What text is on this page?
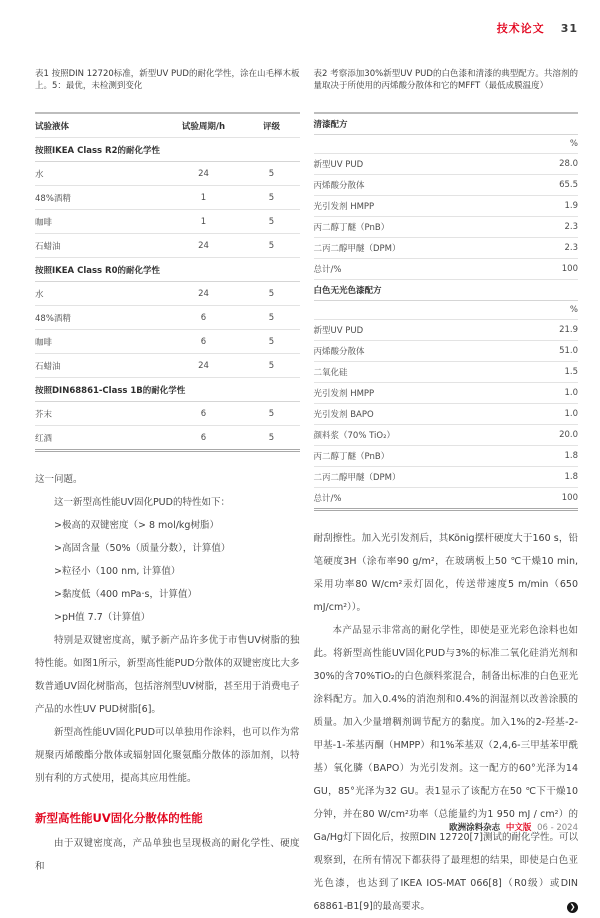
技术论文 31
表1 按照DIN 12720标准，新型UV PUD的耐化学性，涂在山毛榉木板上。5：最优，未检测到变化
试验液体	试验周期/h	评级
按照IKEA Class R2的耐化学性		
水	24	5
48%酒精	1	5
咖啡	1	5
石蜡油	24	5
按照IKEA Class R0的耐化学性		
水	24	5
48%酒精	6	5
咖啡	6	5
石蜡油	24	5
按照DIN68861-Class 1B的耐化学性		
芥末	6	5
红酒	6	5

这一问题。

这一新型高性能UV固化PUD的特性如下：

>极高的双键密度（> 8 mol/kg树脂）
>高固含量（50%（质量分数），计算值）
>粒径小（100 nm, 计算值）
>黏度低（400 mPa·s，计算值）
>pH值 7.7（计算值）

特别是双键密度高，赋予新产品许多优于市售UV树脂的独特性能。如图1所示，新型高性能PUD分散体的双键密度比大多数普通UV固化树脂高，包括溶剂型UV树脂，甚至用于消费电子产品的水性UV PUD树脂[6]。

新型高性能UV固化PUD可以单独用作涂料，也可以作为常规聚丙烯酸酯分散体或辐射固化聚氨酯分散体的添加剂，以特别有利的方式使用，提高其应用性能。

新型高性能UV固化分散体的性能

由于双键密度高，产品单独也呈现极高的耐化学性、硬度和

表2 考察添加30%新型UV PUD的白色漆和清漆的典型配方。共溶剂的量取决于所使用的丙烯酸分散体和它的MFFT（最低成膜温度）
清漆配方	
	%
新型UV PUD	28.0
丙烯酸分散体	65.5
光引发剂 HMPP	1.9
丙二醇丁醚（PnB）	2.3
二丙二醇甲醚（DPM）	2.3
总计/%	100
白色无光色漆配方	
	%
新型UV PUD	21.9
丙烯酸分散体	51.0
二氧化硅	1.5
光引发剂 HMPP	1.0
光引发剂 BAPO	1.0
颜料浆（70% TiO₂）	20.0
丙二醇丁醚（PnB）	1.8
二丙二醇甲醚（DPM）	1.8
总计/%	100

耐刮擦性。加入光引发剂后，其König摆杆硬度大于160 s，铅笔硬度3H（涂布率90 g/m²，在玻璃板上50 ℃干燥10 min, 采用功率80 W/cm²汞灯固化，传送带速度5 m/min（650 mJ/cm²））。

本产品显示非常高的耐化学性，即使是亚光彩色涂料也如此。将新型高性能UV固化PUD与3%的标准二氧化硅消光剂和30%的含70%TiO₂的白色颜料浆混合，制备出标准的白色亚光涂料配方。加入0.4%的消泡剂和0.4%的润湿剂以改善涂膜的质量。加入少量增稠剂调节配方的黏度。加入1%的2-羟基-2-甲基-1-苯基丙酮（HMPP）和1%苯基双（2,4,6-三甲基苯甲酰基）氧化膦（BAPO）为光引发剂。这一配方的60°光泽为14 GU，85°光泽为32 GU。表1显示了该配方在50 ℃下干燥10分钟，并在80 W/cm²功率（总能量约为1 950 mJ / cm²）的Ga/Hg灯下固化后，按照DIN 12720[7]测试的耐化学性。可以观察到，在所有情况下都获得了最理想的结果，即使是白色亚光色漆，也达到了IKEA IOS-MAT 066[8]（R0级）或DIN 68861-B1[9]的最高要求。	❯

欧洲涂料杂志 中文版 06 - 2024
